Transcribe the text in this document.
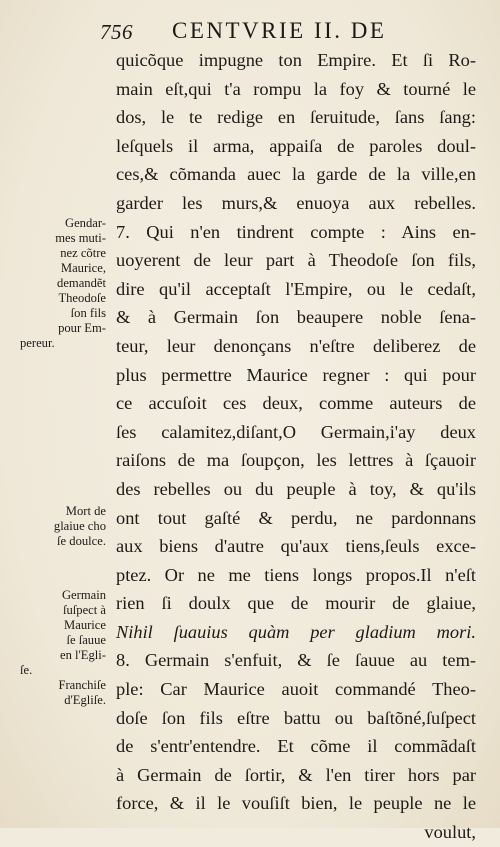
756 CENTVRIE II. DE
quicõque impugne ton Empire. Et ſi Ro-
main eſt,qui t'a rompu la foy & tourné le
dos, le te redige en ſeruitude, ſans ſang:
leſquels il arma, appaiſa de paroles doul-
ces,& cõmanda auec la garde de la ville,en
garder les murs,& enuoya aux rebelles.
7. Qui n'en tindrent compte : Ains en-
uoyerent de leur part à Theodoſe ſon fils,
dire qu'il acceptaſt l'Empire, ou le cedaſt,
& à Germain ſon beaupere noble ſena-
teur, leur denonçans n'eſtre deliberez de
plus permettre Maurice regner : qui pour
ce accuſoit ces deux, comme auteurs de
ſes calamitez,diſant,O Germain,i'ay deux
raiſons de ma ſoupçon, les lettres à ſçauoir
des rebelles ou du peuple à toy, & qu'ils
ont tout gaſté & perdu, ne pardonnans
aux biens d'autre qu'aux tiens,ſeuls exce-
ptez. Or ne me tiens longs propos.Il n'eſt
rien ſi doulx que de mourir de glaiue,
Nihil ſuauius quàm per gladium mori.
8. Germain s'enfuit, & ſe ſauue au tem-
ple: Car Maurice auoit commandé Theo-
doſe ſon fils eſtre battu ou baſtõné,ſuſpect
de s'entr'entendre. Et cõme il commãdaſt
à Germain de ſortir, & l'en tirer hors par
force, & il le vouſiſt bien, le peuple ne le
voulut,
Gendar-
mes muti-
nez cõtre
Maurice,
demandẽt
Theodoſe
ſon fils
pour Em-
pereur.
Mort de
glaiue cho
ſe doulce.
Germain
ſuſpect à
Maurice
ſe ſauue
en l'Egli-
ſe.
Franchiſe
d'Egliſe.
